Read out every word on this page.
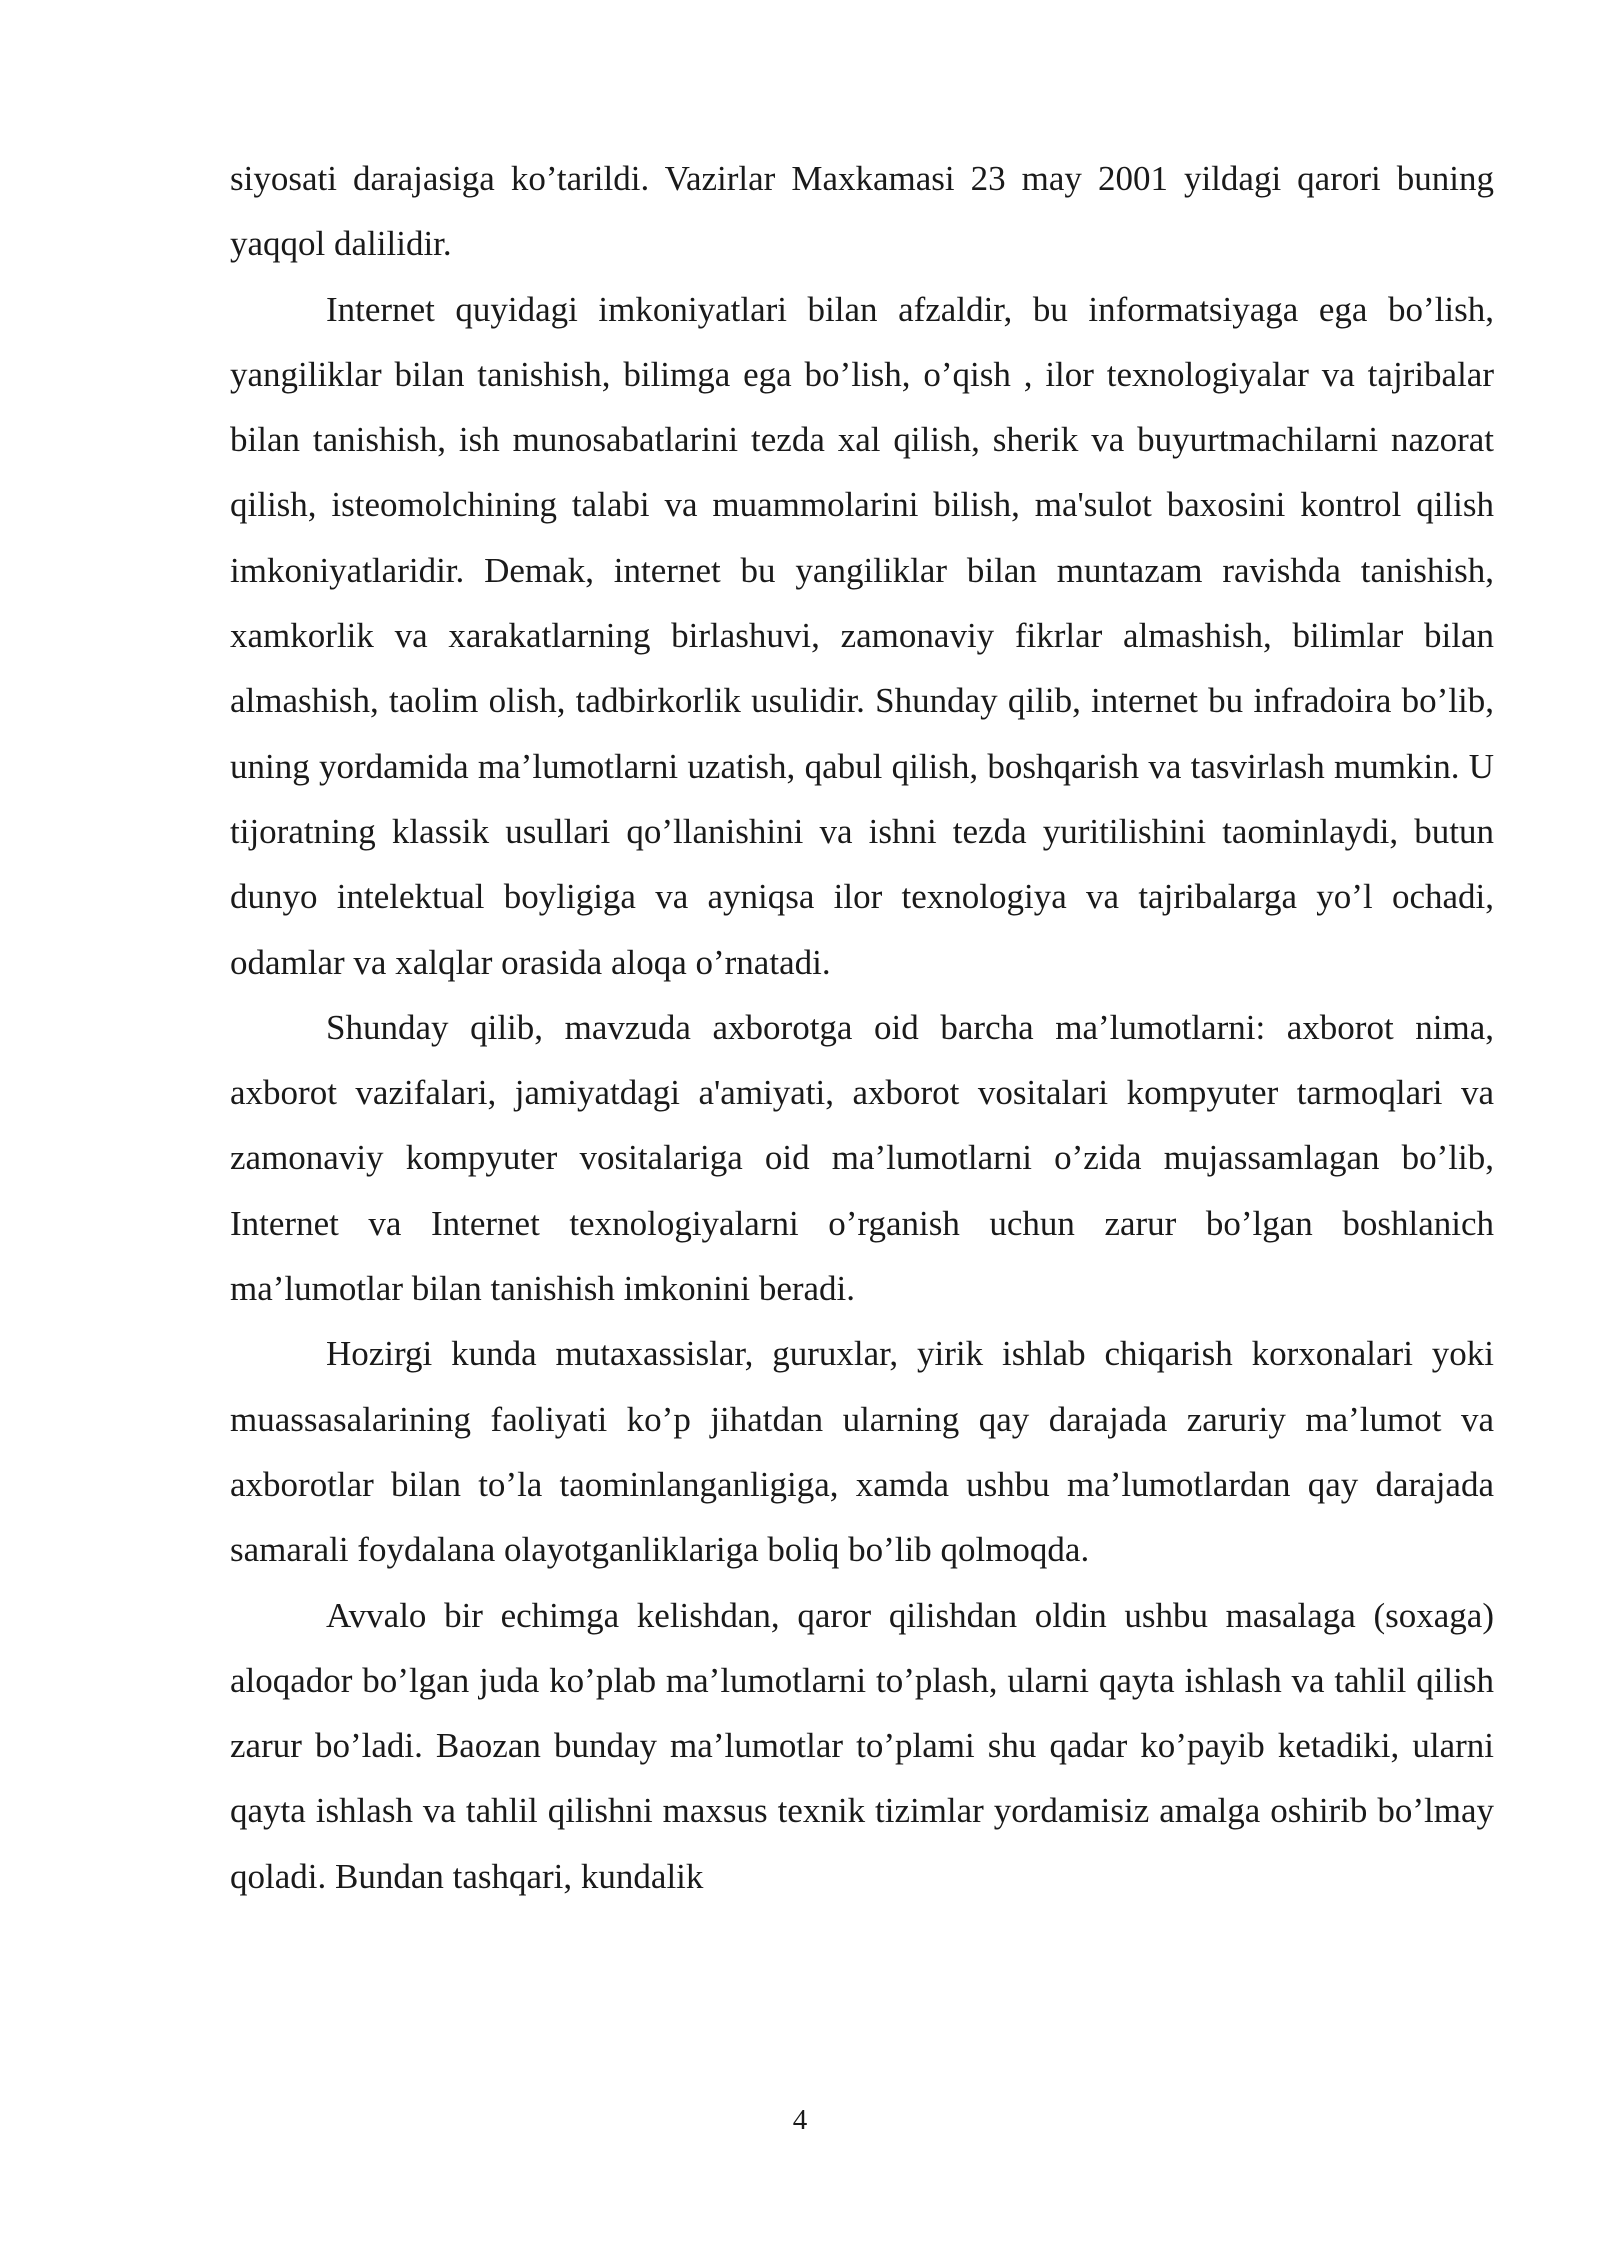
siyosati darajasiga ko’tarildi. Vazirlar Maxkamasi 23 may 2001 yildagi qarori buning yaqqol dalilidir.

Internet quyidagi imkoniyatlari bilan afzaldir, bu informatsiyaga ega bo’lish, yangiliklar bilan tanishish, bilimga ega bo’lish, o’qish , ilor texnologiyalar va tajribalar bilan tanishish, ish munosabatlarini tezda xal qilish, sherik va buyurtmachilarni nazorat qilish, isteomolchining talabi va muammolarini bilish, ma'sulot baxosini kontrol qilish imkoniyatlaridir. Demak, internet bu yangiliklar bilan muntazam ravishda tanishish, xamkorlik va xarakatlarning birlashuvi, zamonaviy fikrlar almashish, bilimlar bilan almashish, taolim olish, tadbirkorlik usulidir. Shunday qilib, internet bu infradoira bo’lib, uning yordamida ma’lumotlarni uzatish, qabul qilish, boshqarish va tasvirlash mumkin. U tijoratning klassik usullari qo’llanishini va ishni tezda yuritilishini taominlaydi, butun dunyo intelektual boyligiga va ayniqsa ilor texnologiya va tajribalarga yo’l ochadi, odamlar va xalqlar orasida aloqa o’rnatadi.

Shunday qilib, mavzuda axborotga oid barcha ma’lumotlarni: axborot nima, axborot vazifalari, jamiyatdagi a'amiyati, axborot vositalari kompyuter tarmoqlari va zamonaviy kompyuter vositalariga oid ma’lumotlarni o’zida mujassamlagan bo’lib, Internet va Internet texnologiyalarni o’rganish uchun zarur bo’lgan boshlanich ma’lumotlar bilan tanishish imkonini beradi.

Hozirgi kunda mutaxassislar, guruxlar, yirik ishlab chiqarish korxonalari yoki muassasalarining faoliyati ko’p jihatdan ularning qay darajada zaruriy ma’lumot va axborotlar bilan to’la taominlanganligiga, xamda ushbu ma’lumotlardan qay darajada samarali foydalana olayotganliklariga boliq bo’lib qolmoqda.

Avvalo bir echimga kelishdan, qaror qilishdan oldin ushbu masalaga (soxaga) aloqador bo’lgan juda ko’plab ma’lumotlarni to’plash, ularni qayta ishlash va tahlil qilish zarur bo’ladi. Baozan bunday ma’lumotlar to’plami shu qadar ko’payib ketadiki, ularni qayta ishlash va tahlil qilishni maxsus texnik tizimlar yordamisiz amalga oshirib bo’lmay qoladi. Bundan tashqari, kundalik

4
